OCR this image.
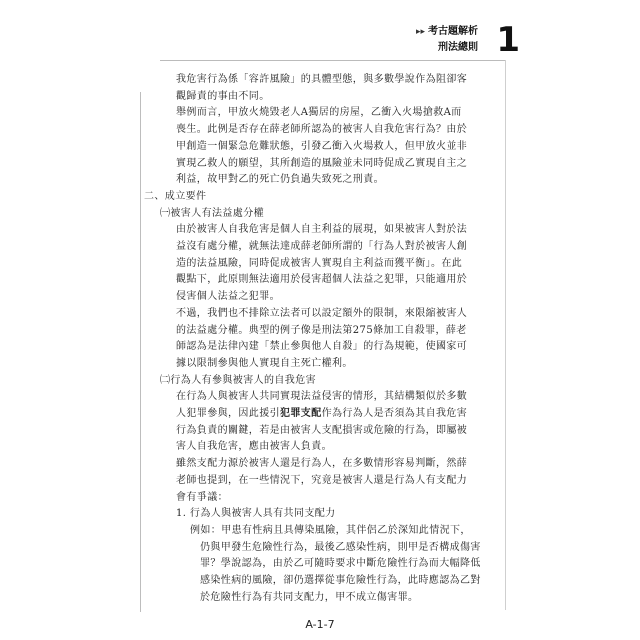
▸▸ 考古題解析
刑法總則 1

我危害行為係「容許風險」的具體型態，與多數學說作為阻卻客

觀歸責的事由不同。

舉例而言，甲放火燒毀老人A獨居的房屋，乙衝入火場搶救A而

喪生。此例是否存在薛老師所認為的被害人自我危害行為？由於

甲創造一個緊急危難狀態，引發乙衝入火場救人，但甲放火並非

實現乙救人的願望，其所創造的風險並未同時促成乙實現自主之

利益，故甲對乙的死亡仍負過失致死之刑責。

二、成立要件

㈠被害人有法益處分權

由於被害人自我危害是個人自主利益的展現，如果被害人對於法

益沒有處分權，就無法達成薛老師所謂的「行為人對於被害人創

造的法益風險，同時促成被害人實現自主利益而獲平衡」。在此

觀點下，此原則無法適用於侵害超個人法益之犯罪，只能適用於

侵害個人法益之犯罪。

不過，我們也不排除立法者可以設定額外的限制，來限縮被害人

的法益處分權。典型的例子像是刑法第275條加工自殺罪，薛老

師認為是法律內建「禁止參與他人自殺」的行為規範，使國家可

據以限制參與他人實現自主死亡權利。

㈡行為人有參與被害人的自我危害

在行為人與被害人共同實現法益侵害的情形，其結構類似於多數

人犯罪參與，因此援引犯罪支配作為行為人是否須為其自我危害

行為負責的關鍵，若是由被害人支配損害或危險的行為，即屬被

害人自我危害，應由被害人負責。

雖然支配力源於被害人還是行為人，在多數情形容易判斷，然薛

老師也提到，在一些情況下，究竟是被害人還是行為人有支配力

會有爭議：

1. 行為人與被害人具有共同支配力

例如：甲患有性病且具傳染風險，其伴侶乙於深知此情況下，

仍與甲發生危險性行為，最後乙感染性病，則甲是否構成傷害

罪？學說認為，由於乙可隨時要求中斷危險性行為而大幅降低

感染性病的風險，卻仍選擇從事危險性行為，此時應認為乙對

於危險性行為有共同支配力，甲不成立傷害罪。

A-1-7
